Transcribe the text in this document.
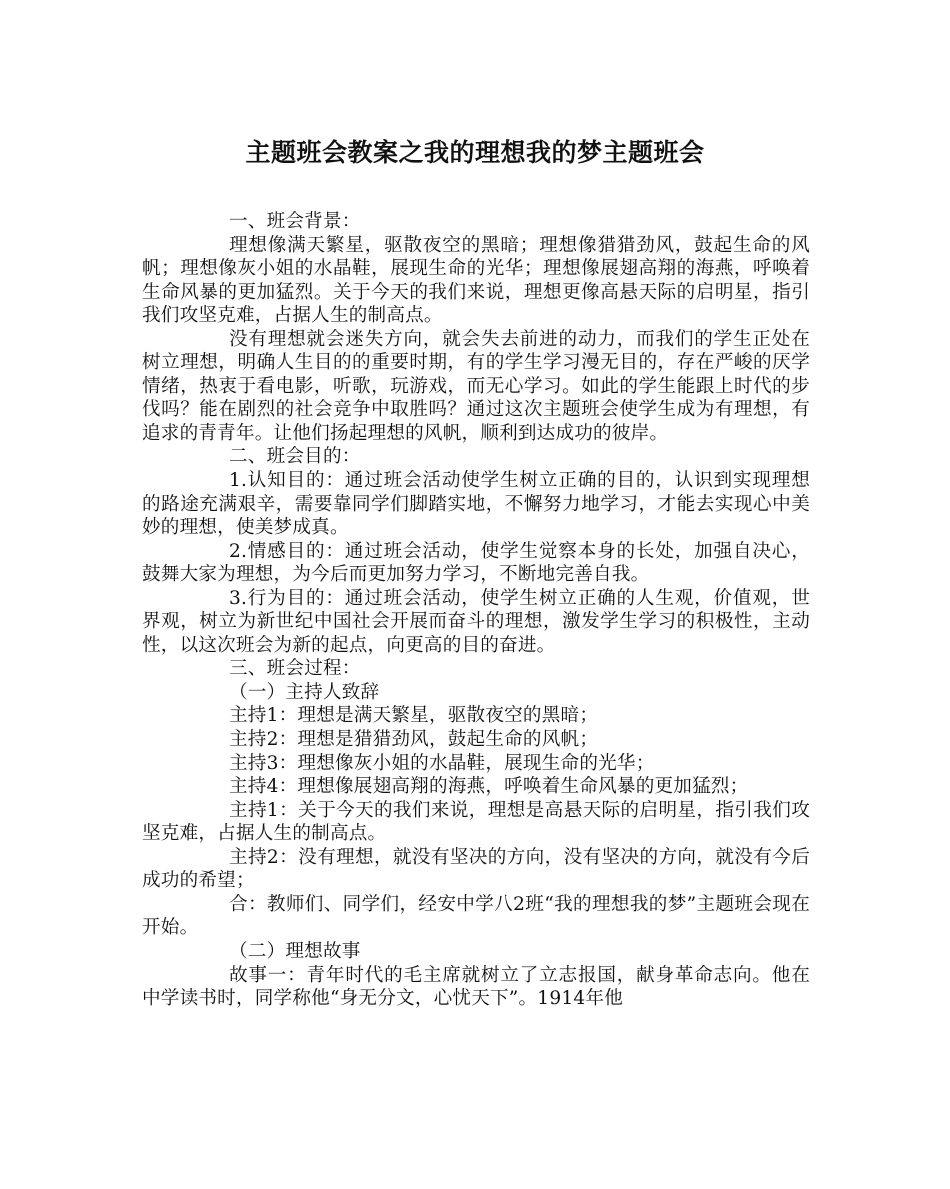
主题班会教案之我的理想我的梦主题班会

一、班会背景：

理想像满天繁星，驱散夜空的黑暗；理想像猎猎劲风，鼓起生命的风帆；理想像灰小姐的水晶鞋，展现生命的光华；理想像展翅高翔的海燕，呼唤着生命风暴的更加猛烈。关于今天的我们来说，理想更像高悬天际的启明星，指引我们攻坚克难，占据人生的制高点。

没有理想就会迷失方向，就会失去前进的动力，而我们的学生正处在树立理想，明确人生目的的重要时期，有的学生学习漫无目的，存在严峻的厌学情绪，热衷于看电影，听歌，玩游戏，而无心学习。如此的学生能跟上时代的步伐吗？能在剧烈的社会竞争中取胜吗？通过这次主题班会使学生成为有理想，有追求的青青年。让他们扬起理想的风帆，顺利到达成功的彼岸。

二、班会目的：

1.认知目的：通过班会活动使学生树立正确的目的，认识到实现理想的路途充满艰辛，需要靠同学们脚踏实地，不懈努力地学习，才能去实现心中美妙的理想，使美梦成真。

2.情感目的：通过班会活动，使学生觉察本身的长处，加强自决心，鼓舞大家为理想，为今后而更加努力学习，不断地完善自我。

3.行为目的：通过班会活动，使学生树立正确的人生观，价值观，世界观，树立为新世纪中国社会开展而奋斗的理想，激发学生学习的积极性，主动性，以这次班会为新的起点，向更高的目的奋进。

三、班会过程：

（一）主持人致辞

主持1：理想是满天繁星，驱散夜空的黑暗；

主持2：理想是猎猎劲风，鼓起生命的风帆；

主持3：理想像灰小姐的水晶鞋，展现生命的光华；

主持4：理想像展翅高翔的海燕，呼唤着生命风暴的更加猛烈；

主持1：关于今天的我们来说，理想是高悬天际的启明星，指引我们攻坚克难，占据人生的制高点。

主持2：没有理想，就没有坚决的方向，没有坚决的方向，就没有今后成功的希望；

合：教师们、同学们，经安中学八2班“我的理想我的梦”主题班会现在开始。

（二）理想故事

故事一：青年时代的毛主席就树立了立志报国，献身革命志向。他在中学读书时，同学称他“身无分文，心忧天下”。1914年他
